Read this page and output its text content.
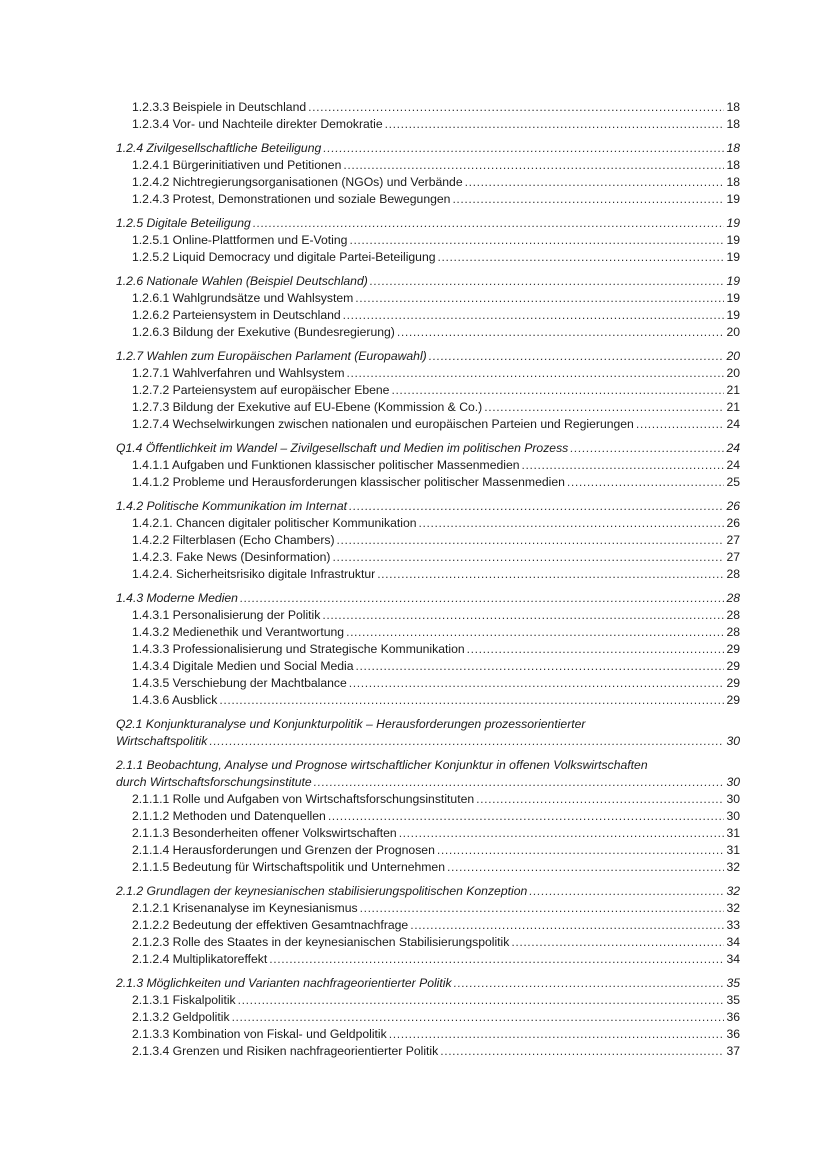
1.2.3.3 Beispiele in Deutschland .....	18
1.2.3.4 Vor- und Nachteile direkter Demokratie .....	18
1.2.4 Zivilgesellschaftliche Beteiligung .....	18
1.2.4.1 Bürgerinitiativen und Petitionen .....	18
1.2.4.2 Nichtregierungsorganisationen (NGOs) und Verbände .....	18
1.2.4.3 Protest, Demonstrationen und soziale Bewegungen .....	19
1.2.5 Digitale Beteiligung .....	19
1.2.5.1 Online-Plattformen und E-Voting .....	19
1.2.5.2 Liquid Democracy und digitale Partei-Beteiligung .....	19
1.2.6 Nationale Wahlen (Beispiel Deutschland) .....	19
1.2.6.1 Wahlgrundsätze und Wahlsystem .....	19
1.2.6.2 Parteiensystem in Deutschland .....	19
1.2.6.3 Bildung der Exekutive (Bundesregierung) .....	20
1.2.7 Wahlen zum Europäischen Parlament (Europawahl) .....	20
1.2.7.1 Wahlverfahren und Wahlsystem .....	20
1.2.7.2 Parteiensystem auf europäischer Ebene .....	21
1.2.7.3 Bildung der Exekutive auf EU-Ebene (Kommission & Co.) .....	21
1.2.7.4 Wechselwirkungen zwischen nationalen und europäischen Parteien und Regierungen .....	24
Q1.4 Öffentlichkeit im Wandel – Zivilgesellschaft und Medien im politischen Prozess .....	24
1.4.1.1 Aufgaben und Funktionen klassischer politischer Massenmedien .....	24
1.4.1.2 Probleme und Herausforderungen klassischer politischer Massenmedien .....	25
1.4.2 Politische Kommunikation im Internat .....	26
1.4.2.1. Chancen digitaler politischer Kommunikation .....	26
1.4.2.2 Filterblasen (Echo Chambers) .....	27
1.4.2.3. Fake News (Desinformation) .....	27
1.4.2.4. Sicherheitsrisiko digitale Infrastruktur .....	28
1.4.3 Moderne Medien .....	28
1.4.3.1 Personalisierung der Politik .....	28
1.4.3.2 Medienethik und Verantwortung .....	28
1.4.3.3 Professionalisierung und Strategische Kommunikation .....	29
1.4.3.4 Digitale Medien und Social Media .....	29
1.4.3.5 Verschiebung der Machtbalance .....	29
1.4.3.6 Ausblick .....	29
Q2.1 Konjunkturanalyse und Konjunkturpolitik – Herausforderungen prozessorientierter
Wirtschaftspolitik .....	30
2.1.1 Beobachtung, Analyse und Prognose wirtschaftlicher Konjunktur in offenen Volkswirtschaften
durch Wirtschaftsforschungsinstitute .....	30
2.1.1.1 Rolle und Aufgaben von Wirtschaftsforschungsinstituten .....	30
2.1.1.2 Methoden und Datenquellen .....	30
2.1.1.3 Besonderheiten offener Volkswirtschaften .....	31
2.1.1.4 Herausforderungen und Grenzen der Prognosen .....	31
2.1.1.5 Bedeutung für Wirtschaftspolitik und Unternehmen .....	32
2.1.2 Grundlagen der keynesianischen stabilisierungspolitischen Konzeption .....	32
2.1.2.1 Krisenanalyse im Keynesianismus .....	32
2.1.2.2 Bedeutung der effektiven Gesamtnachfrage .....	33
2.1.2.3 Rolle des Staates in der keynesianischen Stabilisierungspolitik .....	34
2.1.2.4 Multiplikatoreffekt .....	34
2.1.3 Möglichkeiten und Varianten nachfrageorientierter Politik .....	35
2.1.3.1 Fiskalpolitik .....	35
2.1.3.2 Geldpolitik .....	36
2.1.3.3 Kombination von Fiskal- und Geldpolitik .....	36
2.1.3.4 Grenzen und Risiken nachfrageorientierter Politik .....	37
